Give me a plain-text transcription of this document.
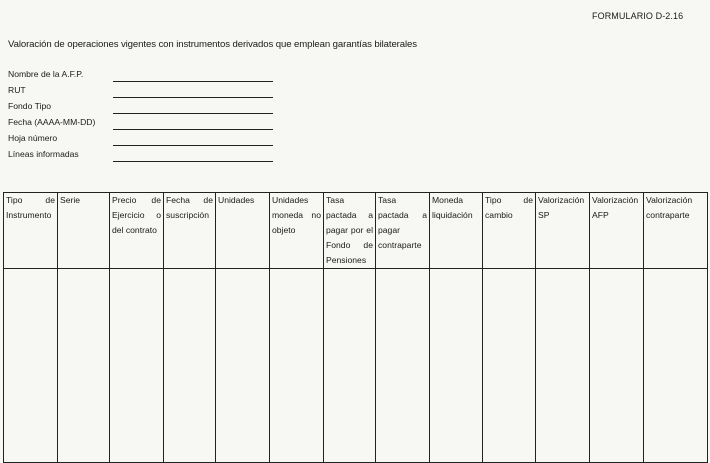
FORMULARIO D-2.16
Valoración de operaciones vigentes con instrumentos derivados que emplean garantías bilaterales
Nombre de la A.F.P.
RUT
Fondo Tipo
Fecha (AAAA-MM-DD)
Hoja número
Líneas informadas
Tipo de Instrumento	Serie	Precio de Ejercicio o del contrato	Fecha de suscripción	Unidades	Unidades moneda no objeto	Tasa pactada a pagar por el Fondo de Pensiones	Tasa pactada a pagar contraparte	Moneda liquidación	Tipo de cambio	Valorización SP	Valorización AFP	Valorización contraparte
